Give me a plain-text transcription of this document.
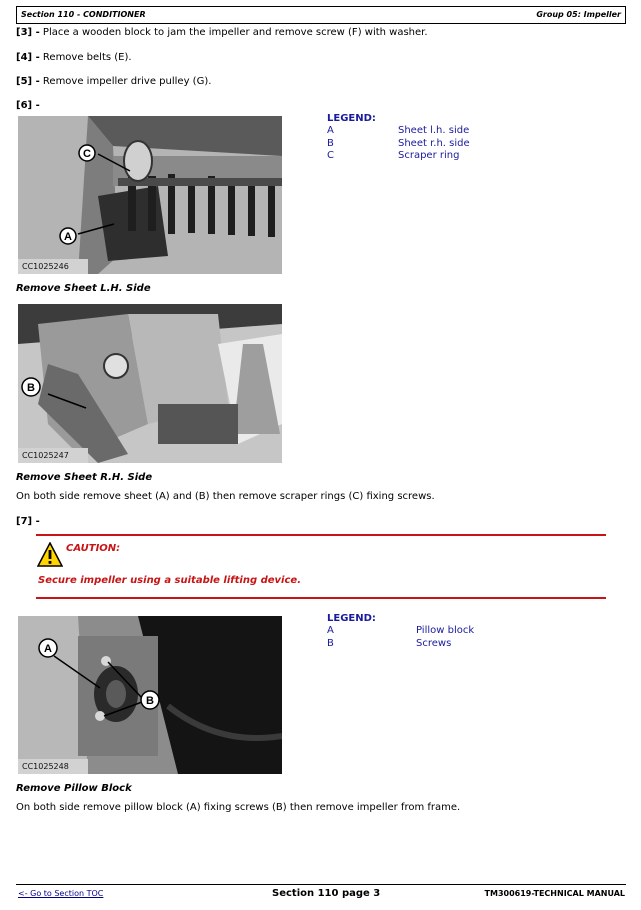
Section 110 - CONDITIONER	Group 05: Impeller
[3] - Place a wooden block to jam the impeller and remove screw (F) with washer.
[4] - Remove belts (E).
[5] - Remove impeller drive pulley (G).
[6] -
C
A
CC1025246
Remove Sheet L.H. Side
LEGEND:
A	Sheet l.h. side
B	Sheet r.h. side
C	Scraper ring
B
CC1025247
Remove Sheet R.H. Side
On both side remove sheet (A) and (B) then remove scraper rings (C) fixing screws.
[7] -
CAUTION:
Secure impeller using a suitable lifting device.
A
B
CC1025248
Remove Pillow Block
LEGEND:
A	Pillow block
B	Screws
On both side remove pillow block (A) fixing screws (B) then remove impeller from frame.
<- Go to Section TOC	Section 110 page 3	TM300619-TECHNICAL MANUAL
